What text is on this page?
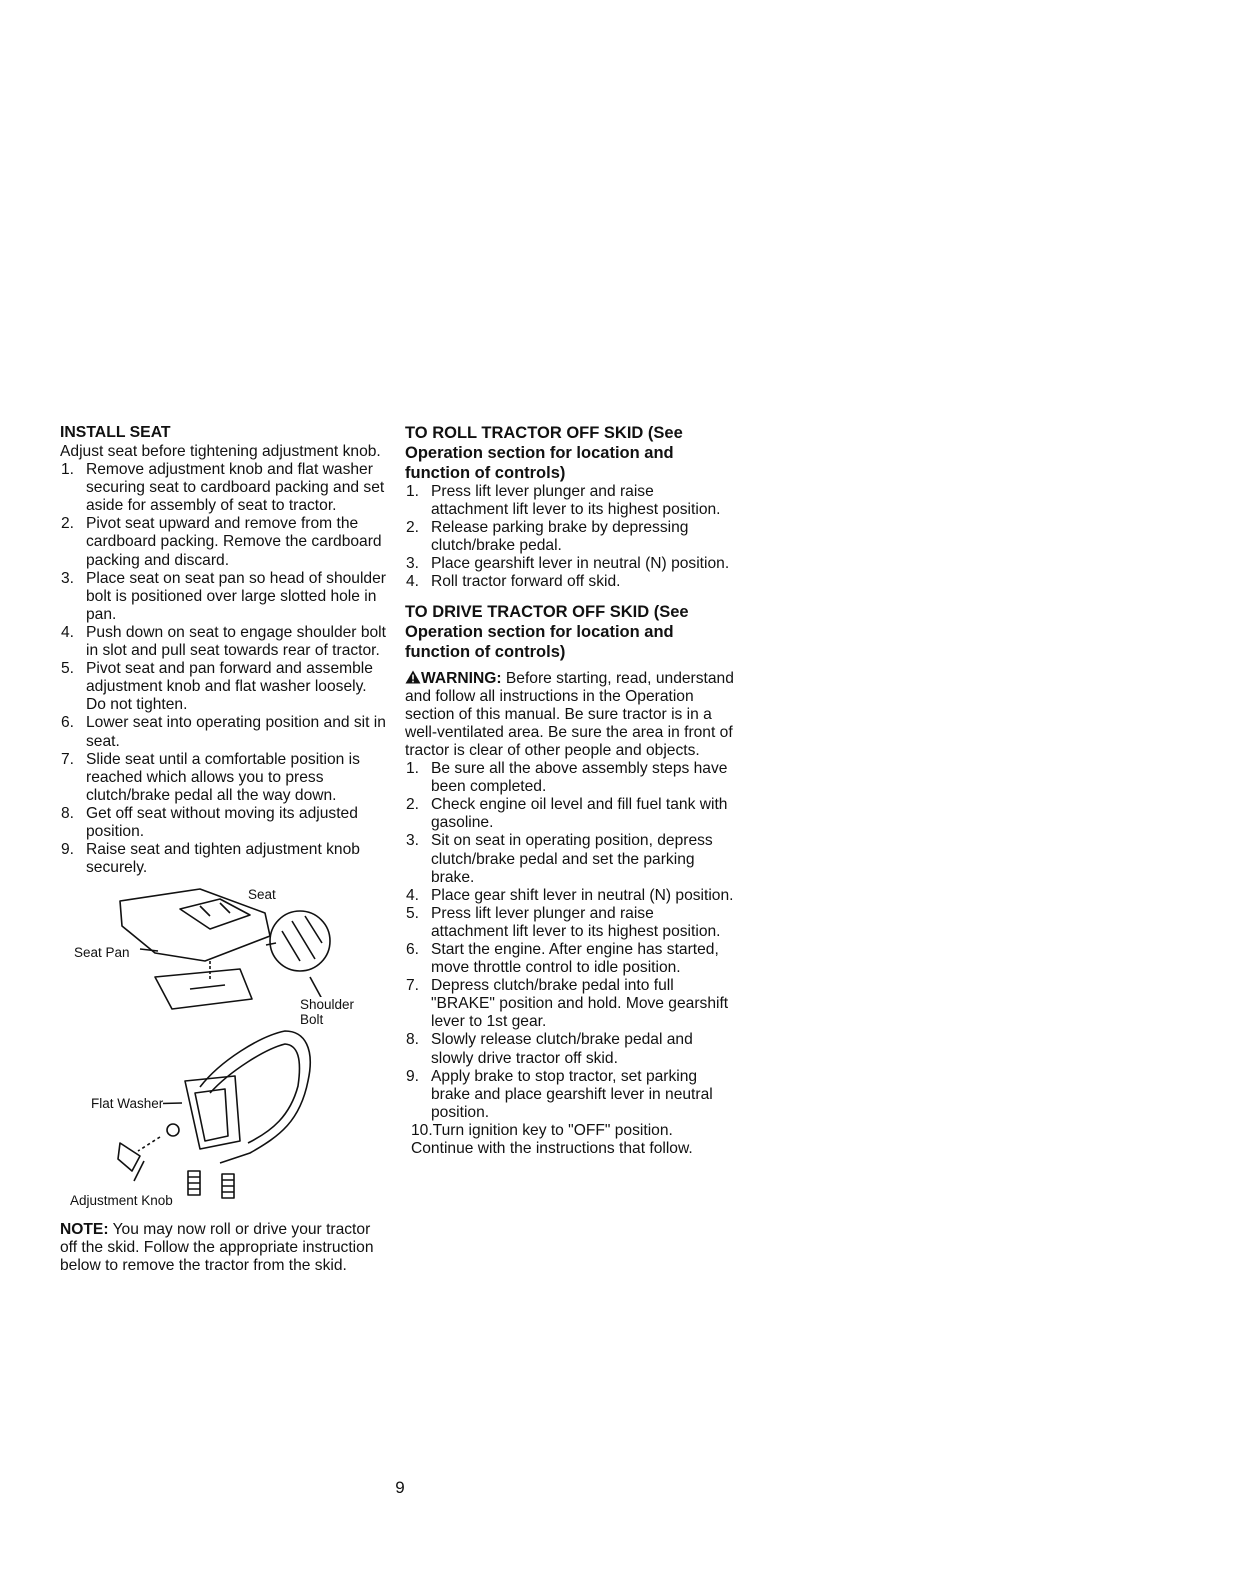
INSTALL SEAT

Adjust seat before tightening adjustment knob.

1. Remove adjustment knob and flat washer securing seat to cardboard packing and set aside for assembly of seat to tractor.
2. Pivot seat upward and remove from the cardboard packing. Remove the cardboard packing and discard.
3. Place seat on seat pan so head of shoulder bolt is positioned over large slotted hole in pan.
4. Push down on seat to engage shoulder bolt in slot and pull seat towards rear of tractor.
5. Pivot seat and pan forward and assemble adjustment knob and flat washer loosely. Do not tighten.
6. Lower seat into operating position and sit in seat.
7. Slide seat until a comfortable position is reached which allows you to press clutch/brake pedal all the way down.
8. Get off seat without moving its adjusted position.
9. Raise seat and tighten adjustment knob securely.
Seat
Seat Pan
Shoulder
Bolt
Flat Washer
Adjustment Knob

NOTE: You may now roll or drive your tractor off the skid. Follow the appropriate instruction below to remove the tractor from the skid.

TO ROLL TRACTOR OFF SKID (See Operation section for location and function of controls)
1. Press lift lever plunger and raise attachment lift lever to its highest position.
2. Release parking brake by depressing clutch/brake pedal.
3. Place gearshift lever in neutral (N) position.
4. Roll tractor forward off skid.
TO DRIVE TRACTOR OFF SKID (See Operation section for location and function of controls)

WARNING: Before starting, read, understand and follow all instructions in the Operation section of this manual. Be sure tractor is in a well-ventilated area. Be sure the area in front of tractor is clear of other people and objects.

1. Be sure all the above assembly steps have been completed.
2. Check engine oil level and fill fuel tank with gasoline.
3. Sit on seat in operating position, depress clutch/brake pedal and set the parking brake.
4. Place gear shift lever in neutral (N) position.
5. Press lift lever plunger and raise attachment lift lever to its highest position.
6. Start the engine. After engine has started, move throttle control to idle position.
7. Depress clutch/brake pedal into full "BRAKE" position and hold. Move gearshift lever to 1st gear.
8. Slowly release clutch/brake pedal and slowly drive tractor off skid.
9. Apply brake to stop tractor, set parking brake and place gearshift lever in neutral position.

10.Turn ignition key to "OFF" position.

Continue with the instructions that follow.

9
